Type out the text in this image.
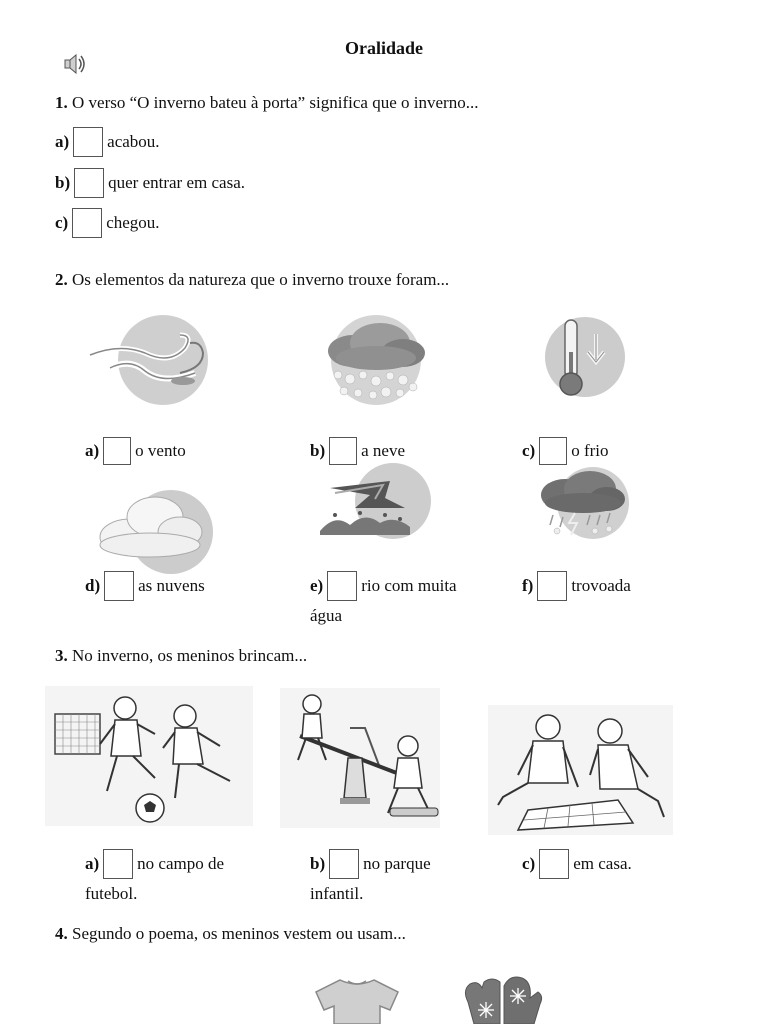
Oralidade
1. O verso “O inverno bateu à porta” significa que o inverno...
a) acabou.
b) quer entrar em casa.
c) chegou.
2. Os elementos da natureza que o inverno trouxe foram...
a) o vento	b) a neve	c) o frio
d) as nuvens	e) rio com muita
água
f) trovoada
3. No inverno, os meninos brincam...
a) no campo de
futebol.
b) no parque
infantil.
c) em casa.
4. Segundo o poema, os meninos vestem ou usam...
